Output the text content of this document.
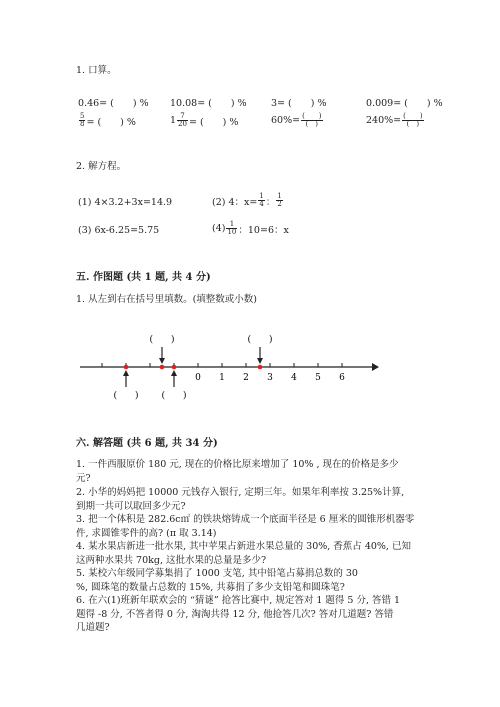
1. 口算。
0.46= (　　) % 10.08= (　　) %	3= (　　) %	0.009= (　　) %
$\frac{5}{8}$ = (　　) %	$1 \frac{7}{20}$ = (　　) %	$60\%= \frac{( )}{( )}$	$240\%= \frac{( )}{( )}$
2. 解方程。
(1) 4×3.2+3x=14.9	(2) 4：$x= \frac{1}{4}$ ： $\frac{1}{2}$
(3) 6x-6.25=5.75	$(4) \frac{1}{10}$ ：10=6：x
五. 作图题 (共 1 题, 共 4 分)
1. 从左到右在括号里填数。(填整数或小数)
0 1 2 3 4 5 6
(　　)	(　　)
(　　)	(　　)
六. 解答题 (共 6 题, 共 34 分)
1. 一件西服原价 180 元, 现在的价格比原来增加了 10% , 现在的价格是多少
元?
2. 小华的妈妈把 10000 元钱存入银行, 定期三年。如果年利率按 3.25%计算,
到期一共可以取回多少元?
3. 把一个体积是 282.6c㎡ 的铁块熔铸成一个底面半径是 6 厘米的圆锥形机器零
件, 求圆锥零件的高? (π 取 3.14)
4. 某水果店新进一批水果, 其中苹果占新进水果总量的 30%, 香蕉占 40%, 已知
这两种水果共 70kg, 这批水果的总量是多少?
5. 某校六年级同学募集捐了 1000 支笔, 其中铅笔占募捐总数的 30
%, 圆珠笔的数量占总数的 15%, 共募捐了多少支铅笔和圆珠笔?
6. 在六(1)班新年联欢会的 “猜谜” 抢答比赛中, 规定答对 1 题得 5 分, 答错 1
题得 -8 分, 不答者得 0 分, 淘淘共得 12 分, 他抢答几次? 答对几道题? 答错
几道题?
